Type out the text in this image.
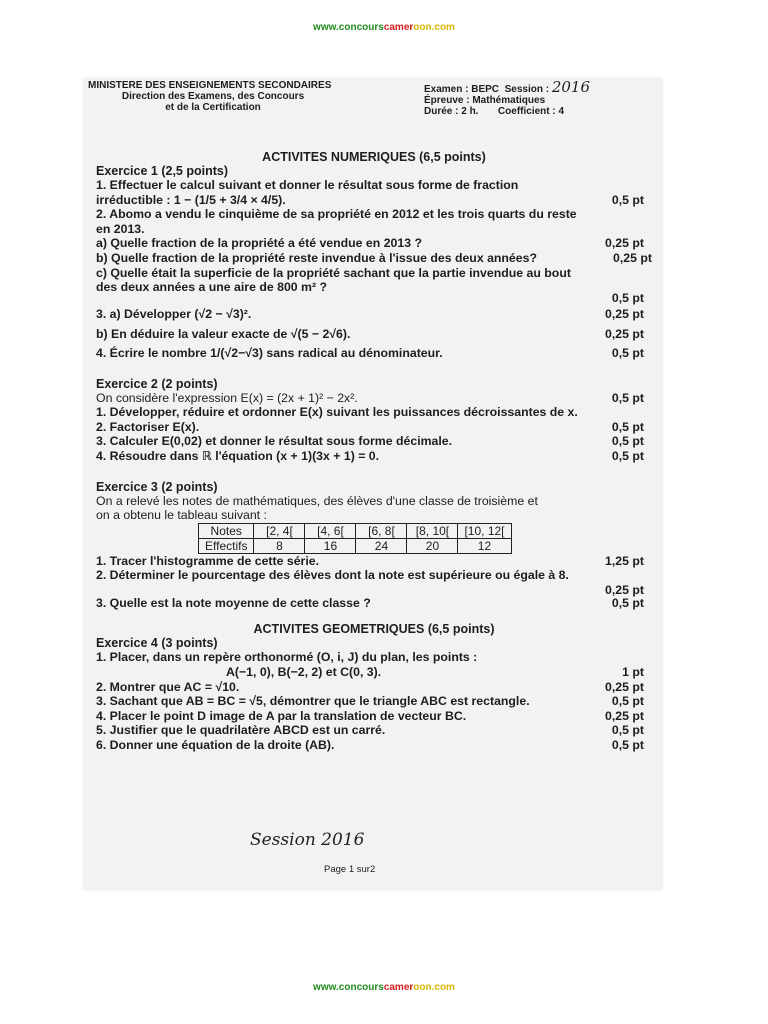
www.concourscameroon.com
MINISTERE DES ENSEIGNEMENTS SECONDAIRES
Direction des Examens, des Concours
et de la Certification
Examen : BEPC Session : 2016
Épreuve : Mathématiques
Durée : 2 h. Coefficient : 4
ACTIVITES NUMERIQUES (6,5 points)
Exercice 1 (2,5 points)
1. Effectuer le calcul suivant et donner le résultat sous forme de fraction
irréductible : 1 − (1/5 + 3/4 × 4/5).	0,5 pt
2. Abomo a vendu le cinquième de sa propriété en 2012 et les trois quarts du reste
en 2013.
a) Quelle fraction de la propriété a été vendue en 2013 ?	0,25 pt
b) Quelle fraction de la propriété reste invendue à l'issue des deux années?	0,25 pt
c) Quelle était la superficie de la propriété sachant que la partie invendue au bout
des deux années a une aire de 800 m² ?
0,5 pt
3. a) Développer (√2 − √3)².	0,25 pt
b) En déduire la valeur exacte de √(5 − 2√6).	0,25 pt
4. Écrire le nombre 1/(√2−√3) sans radical au dénominateur.	0,5 pt
Exercice 2 (2 points)
On considère l'expression E(x) = (2x + 1)² − 2x².	0,5 pt
1. Développer, réduire et ordonner E(x) suivant les puissances décroissantes de x.
2. Factoriser E(x).	0,5 pt
3. Calculer E(0,02) et donner le résultat sous forme décimale.	0,5 pt
4. Résoudre dans ℝ l'équation (x + 1)(3x + 1) = 0.	0,5 pt
Exercice 3 (2 points)
On a relevé les notes de mathématiques, des élèves d'une classe de troisième et
on a obtenu le tableau suivant :
Notes	[2, 4[	[4, 6[	[6, 8[	[8, 10[	[10, 12[
Effectifs	8	16	24	20	12
1. Tracer l'histogramme de cette série.	1,25 pt
2. Déterminer le pourcentage des élèves dont la note est supérieure ou égale à 8.
0,25 pt
3. Quelle est la note moyenne de cette classe ?	0,5 pt
ACTIVITES GEOMETRIQUES (6,5 points)
Exercice 4 (3 points)
1. Placer, dans un repère orthonormé (O, i, J) du plan, les points :
A(−1, 0), B(−2, 2) et C(0, 3).	1 pt
2. Montrer que AC = √10.	0,25 pt
3. Sachant que AB = BC = √5, démontrer que le triangle ABC est rectangle.	0,5 pt
4. Placer le point D image de A par la translation de vecteur BC.	0,25 pt
5. Justifier que le quadrilatère ABCD est un carré.	0,5 pt
6. Donner une équation de la droite (AB).	0,5 pt
Session 2016
Page 1 sur2
www.concourscameroon.com
